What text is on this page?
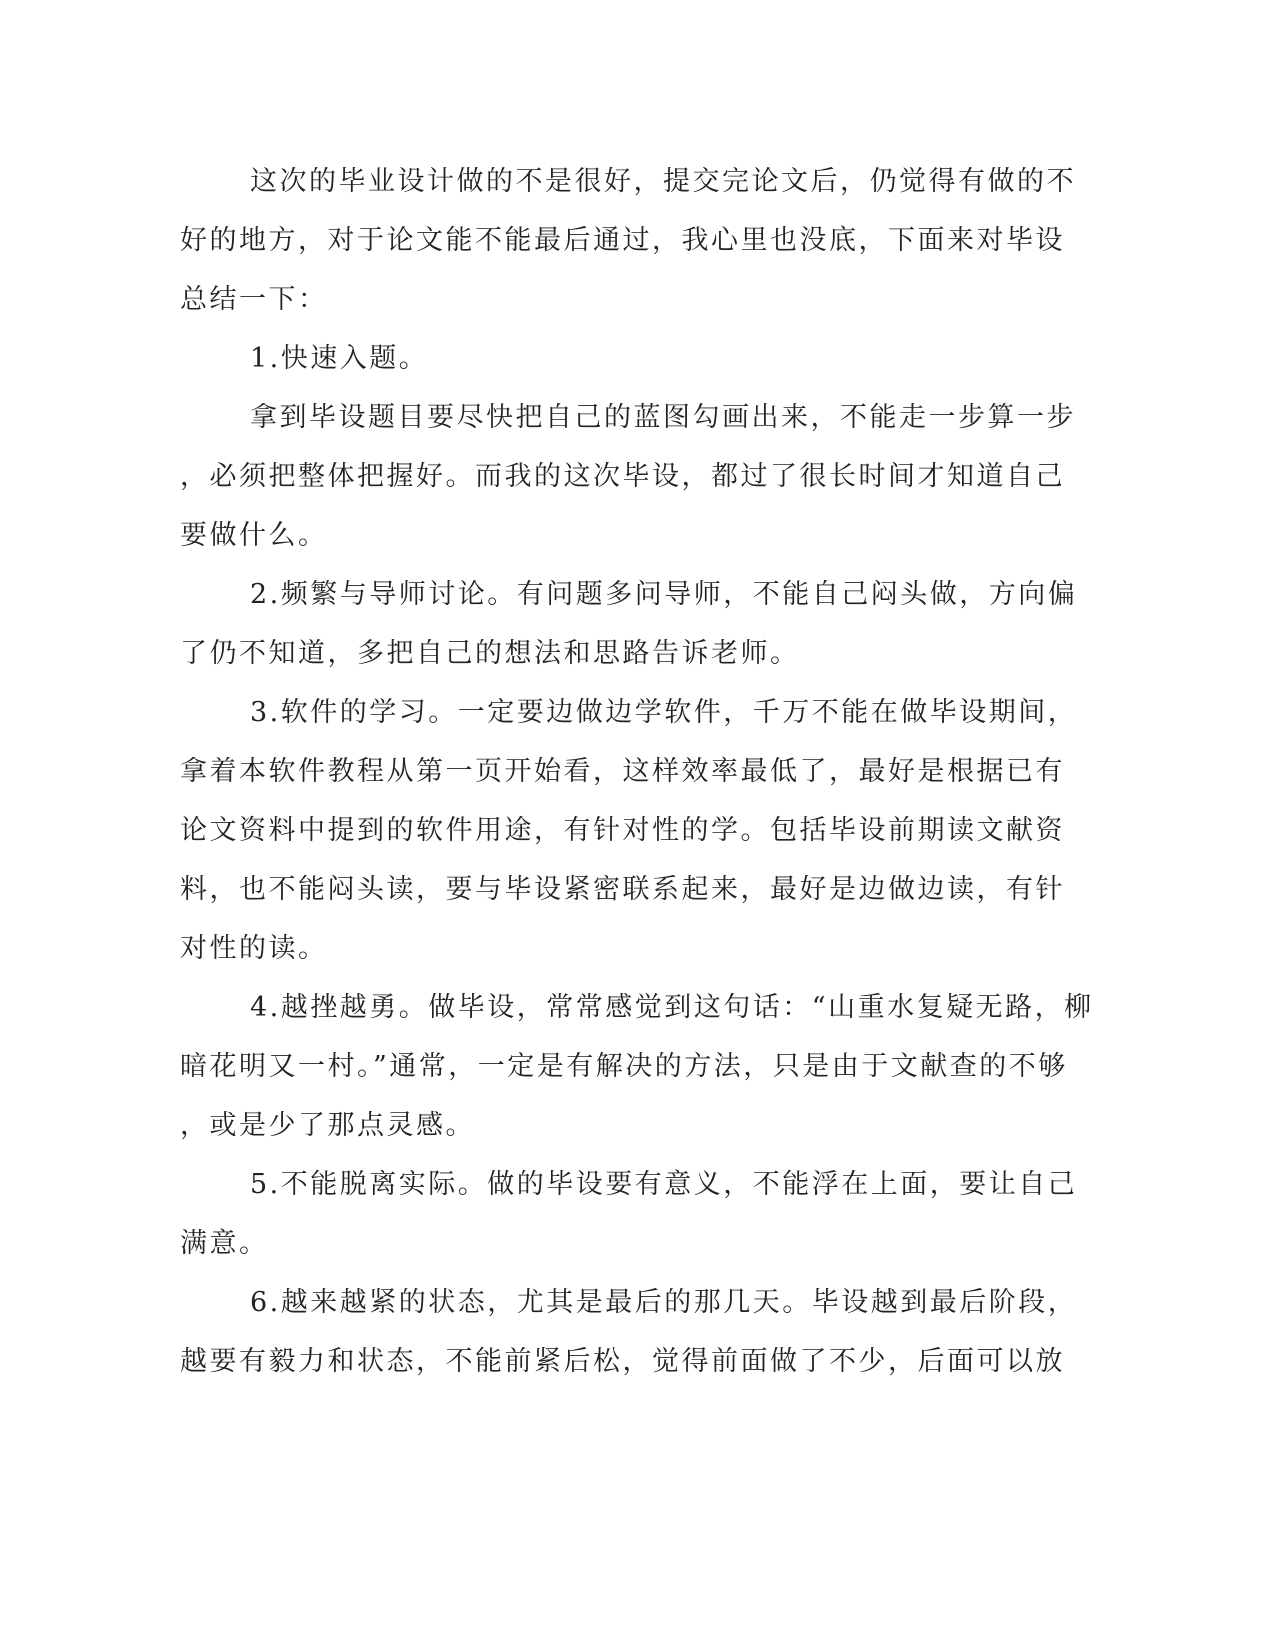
这次的毕业设计做的不是很好，提交完论文后，仍觉得有做的不
好的地方，对于论文能不能最后通过，我心里也没底，下面来对毕设
总结一下：
1.快速入题。
拿到毕设题目要尽快把自己的蓝图勾画出来，不能走一步算一步
，必须把整体把握好。而我的这次毕设，都过了很长时间才知道自己
要做什么。
2.频繁与导师讨论。有问题多问导师，不能自己闷头做，方向偏
了仍不知道，多把自己的想法和思路告诉老师。
3.软件的学习。一定要边做边学软件，千万不能在做毕设期间，
拿着本软件教程从第一页开始看，这样效率最低了，最好是根据已有
论文资料中提到的软件用途，有针对性的学。包括毕设前期读文献资
料，也不能闷头读，要与毕设紧密联系起来，最好是边做边读，有针
对性的读。
4.越挫越勇。做毕设，常常感觉到这句话：“山重水复疑无路，柳
暗花明又一村。”通常，一定是有解决的方法，只是由于文献查的不够
，或是少了那点灵感。
5.不能脱离实际。做的毕设要有意义，不能浮在上面，要让自己
满意。
6.越来越紧的状态，尤其是最后的那几天。毕设越到最后阶段，
越要有毅力和状态，不能前紧后松，觉得前面做了不少，后面可以放
